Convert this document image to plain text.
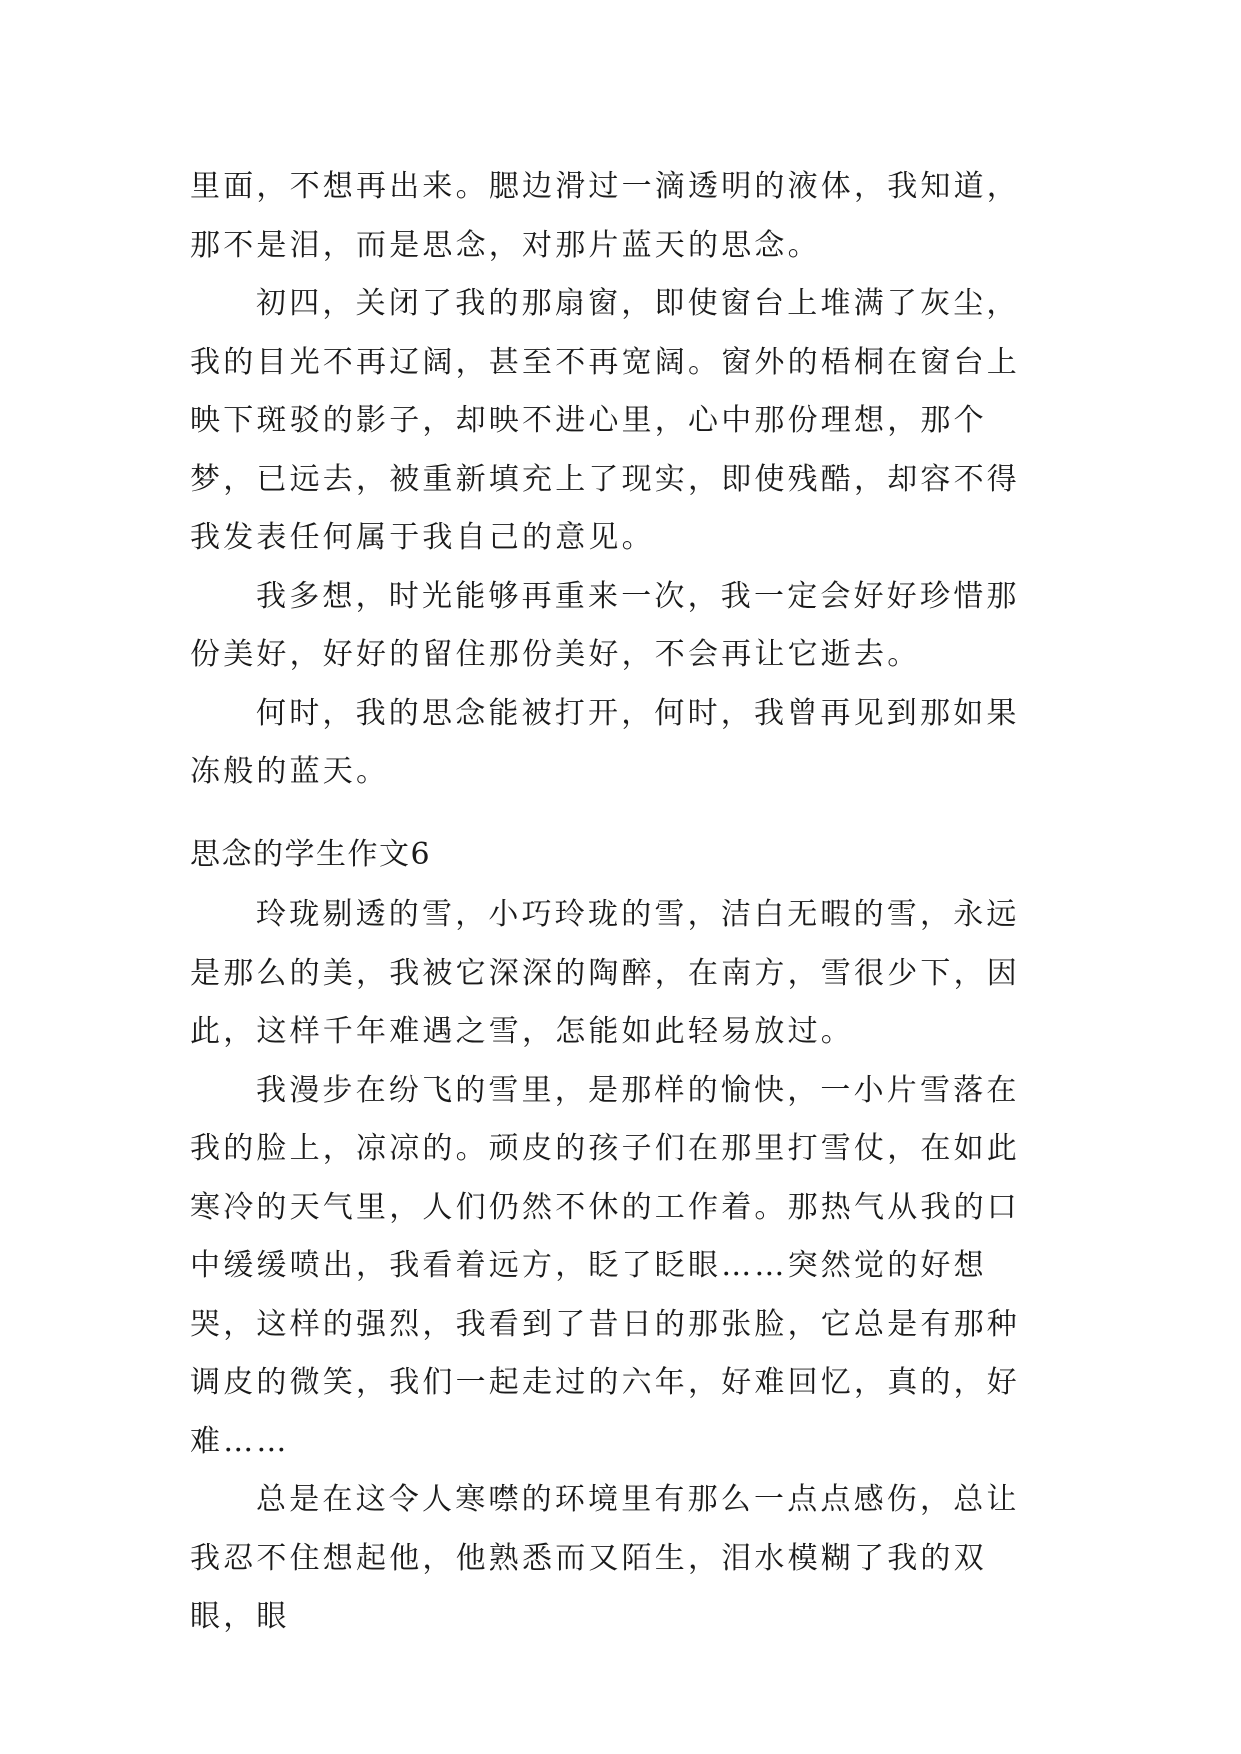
里面，不想再出来。腮边滑过一滴透明的液体，我知道，那不是泪，而是思念，对那片蓝天的思念。

初四，关闭了我的那扇窗，即使窗台上堆满了灰尘，我的目光不再辽阔，甚至不再宽阔。窗外的梧桐在窗台上映下斑驳的影子，却映不进心里，心中那份理想，那个梦，已远去，被重新填充上了现实，即使残酷，却容不得我发表任何属于我自己的意见。

我多想，时光能够再重来一次，我一定会好好珍惜那份美好，好好的留住那份美好，不会再让它逝去。

何时，我的思念能被打开，何时，我曾再见到那如果冻般的蓝天。

思念的学生作文6

玲珑剔透的雪，小巧玲珑的雪，洁白无暇的雪，永远是那么的美，我被它深深的陶醉，在南方，雪很少下，因此，这样千年难遇之雪，怎能如此轻易放过。

我漫步在纷飞的雪里，是那样的愉快，一小片雪落在我的脸上，凉凉的。顽皮的孩子们在那里打雪仗，在如此寒冷的天气里，人们仍然不休的工作着。那热气从我的口中缓缓喷出，我看着远方，眨了眨眼……突然觉的好想哭，这样的强烈，我看到了昔日的那张脸，它总是有那种调皮的微笑，我们一起走过的六年，好难回忆，真的，好难……

总是在这令人寒噤的环境里有那么一点点感伤，总让我忍不住想起他，他熟悉而又陌生，泪水模糊了我的双眼，眼
